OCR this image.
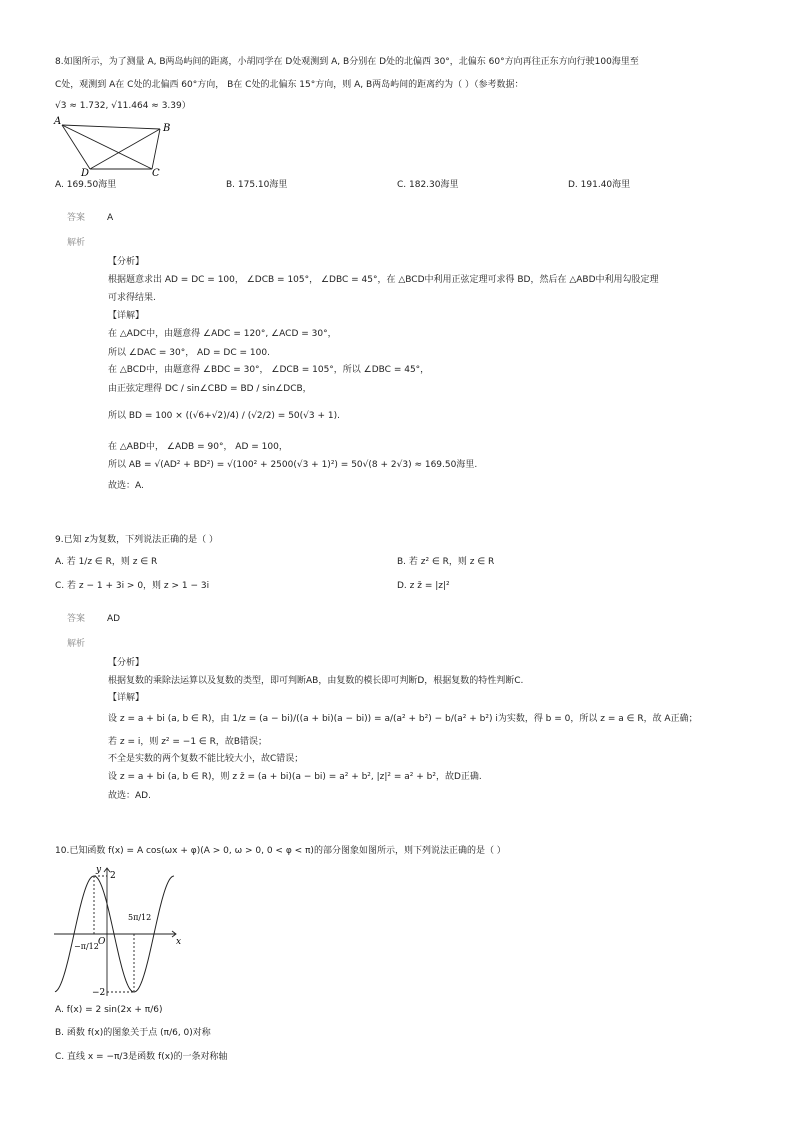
8.如图所示，为了测量 A, B两岛屿间的距离，小胡同学在 D处观测到 A, B分别在 D处的北偏西 30°，北偏东 60°方向再往正东方向行驶100海里至
C处，观测到 A在 C处的北偏西 60°方向， B在 C处的北偏东 15°方向，则 A, B两岛屿间的距离约为（ ）（参考数据：
√3 ≈ 1.732, √11.464 ≈ 3.39）
A
B
C
D
A. 169.50海里	B. 175.10海里	C. 182.30海里	D. 191.40海里
答案 A
解析
【分析】
根据题意求出 AD = DC = 100， ∠DCB = 105°， ∠DBC = 45°，在 △BCD中利用正弦定理可求得 BD，然后在 △ABD中利用勾股定理
可求得结果.
【详解】
在 △ADC中，由题意得 ∠ADC = 120°, ∠ACD = 30°，
所以 ∠DAC = 30°， AD = DC = 100.
在 △BCD中，由题意得 ∠BDC = 30°， ∠DCB = 105°，所以 ∠DBC = 45°，
由正弦定理得 DC / sin∠CBD = BD / sin∠DCB，
所以 BD = 100 × ((√6+√2)/4) / (√2/2) = 50(√3 + 1).
在 △ABD中， ∠ADB = 90°， AD = 100，
所以 AB = √(AD² + BD²) = √(100² + 2500(√3 + 1)²) = 50√(8 + 2√3) ≈ 169.50海里.
故选：A.
9.已知 z为复数，下列说法正确的是（ ）
A. 若 1/z ∈ R，则 z ∈ R	B. 若 z² ∈ R，则 z ∈ R
C. 若 z − 1 + 3i > 0，则 z > 1 − 3i	D. z z̄ = |z|²
答案 AD
解析
【分析】
根据复数的乘除法运算以及复数的类型，即可判断AB，由复数的模长即可判断D，根据复数的特性判断C.
【详解】
设 z = a + bi (a, b ∈ R)，由 1/z = (a − bi)/((a + bi)(a − bi)) = a/(a² + b²) − b/(a² + b²) i为实数，得 b = 0，所以 z = a ∈ R，故 A正确；
若 z = i，则 z² = −1 ∈ R，故B错误；
不全是实数的两个复数不能比较大小，故C错误；
设 z = a + bi (a, b ∈ R)，则 z z̄ = (a + bi)(a − bi) = a² + b², |z|² = a² + b²，故D正确.
故选：AD.
10.已知函数 f(x) = A cos(ωx + φ)(A > 0, ω > 0, 0 < φ < π)的部分图象如图所示，则下列说法正确的是（ ）
2
−2
5π/12
−π/12 O	x
y
A. f(x) = 2 sin(2x + π/6)
B. 函数 f(x)的图象关于点 (π/6, 0)对称
C. 直线 x = −π/3是函数 f(x)的一条对称轴
